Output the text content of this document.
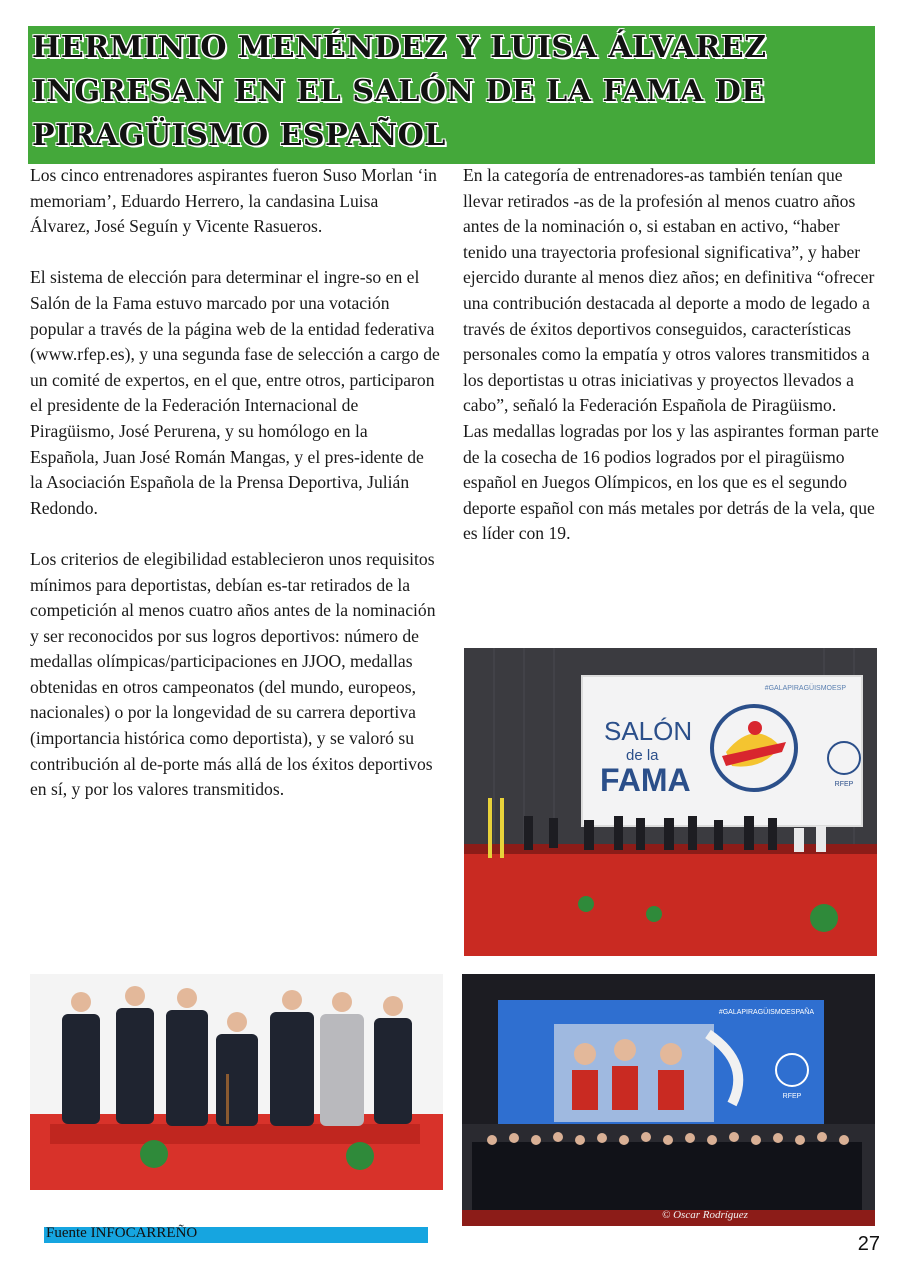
HERMINIO MENÉNDEZ Y LUISA ÁLVAREZ INGRESAN EN EL SALÓN DE LA FAMA DE PIRAGÜISMO ESPAÑOL

Los cinco entrenadores aspirantes fueron Suso Morlan ‘in memoriam’, Eduardo Herrero, la candasina Luisa Álvarez, José Seguín y Vicente Rasueros.

El sistema de elección para determinar el ingre-so en el Salón de la Fama estuvo marcado por una votación popular a través de la página web de la entidad federativa (www.rfep.es), y una segunda fase de selección a cargo de un comité de expertos, en el que, entre otros, participaron el presidente de la Federación Internacional de Piragüismo, José Perurena, y su homólogo en la Española, Juan José Román Mangas, y el pres-idente de la Asociación Española de la Prensa Deportiva, Julián Redondo.

Los criterios de elegibilidad establecieron unos requisitos mínimos para deportistas, debían es-tar retirados de la competición al menos cuatro años antes de la nominación y ser reconocidos por sus logros deportivos: número de medallas olímpicas/participaciones en JJOO, medallas obtenidas en otros campeonatos (del mundo, europeos, nacionales) o por la longevidad de su carrera deportiva (importancia histórica como deportista), y se valoró su contribución al de-porte más allá de los éxitos deportivos en sí, y por los valores transmitidos.

En la categoría de entrenadores-as también tenían que llevar retirados -as de la profesión al menos cuatro años antes de la nominación o, si estaban en activo, “haber tenido una trayectoria profesional significativa”, y haber ejercido durante al menos diez años; en definitiva “ofrecer una contribución destacada al deporte a modo de legado a través de éxitos deportivos conseguidos, características personales como la empatía y otros valores transmitidos a los deportistas u otras iniciativas y proyectos llevados a cabo”, señaló la Federación Española de Piragüismo.

Las medallas logradas por los y las aspirantes forman parte de la cosecha de 16 podios logrados por el piragüismo español en Juegos Olímpicos, en los que es el segundo deporte español con más metales por detrás de la vela, que es líder con 19.

#GALAPIRAGÜISMOESP
SALÓN
de la
FAMA	RFEP
#GALAPIRAGÜISMOESPAÑA
RFEP
© Oscar Rodríguez
Fuente INFOCARREÑO	27
